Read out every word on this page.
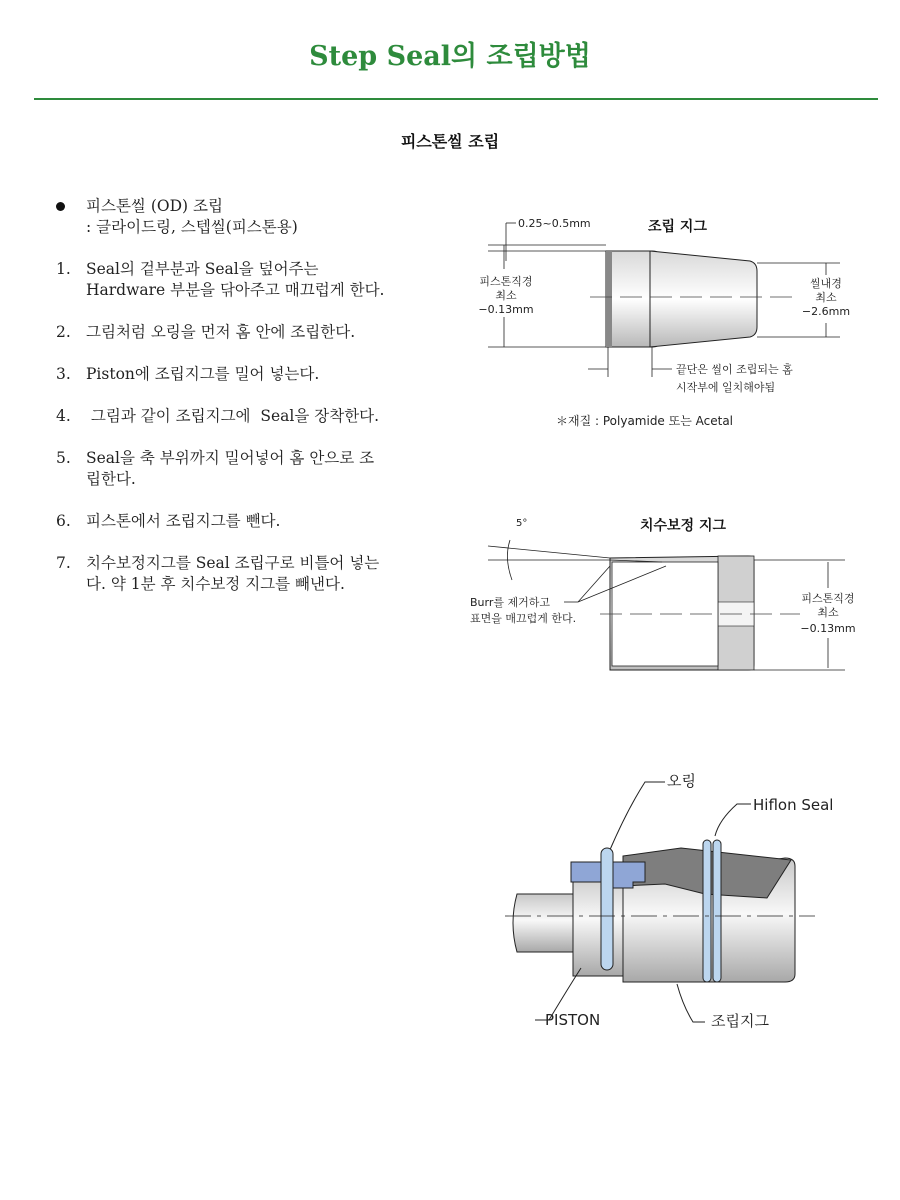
Step Seal의 조립방법
피스톤씰 조립
피스톤씰 (OD) 조립
: 글라이드링, 스텝씰(피스톤용)
1. Seal의 겉부분과 Seal을 덮어주는
Hardware 부분을 닦아주고 매끄럽게 한다.
2. 그림처럼 오링을 먼저 홈 안에 조립한다.
3. Piston에 조립지그를 밀어 넣는다.
4. 그림과 같이 조립지그에  Seal을 장착한다.
5. Seal을 축 부위까지 밀어넣어 홈 안으로 조
립한다.
6. 피스톤에서 조립지그를 뺀다.
7. 치수보정지그를 Seal 조립구로 비틀어 넣는
다. 약 1분 후 치수보정 지그를 빼낸다.
조립 지그
0.25~0.5mm
피스톤직경
최소
−0.13mm
씰내경
최소
−2.6mm
끝단은 씰이 조립되는 홈
시작부에 일치해야됨
＊재질 : Polyamide 또는 Acetal
치수보정 지그
5°
Burr를 제거하고
표면을 매끄럽게 한다.
피스톤직경
최소
−0.13mm
오링
Hiflon Seal
PISTON	조립지그
